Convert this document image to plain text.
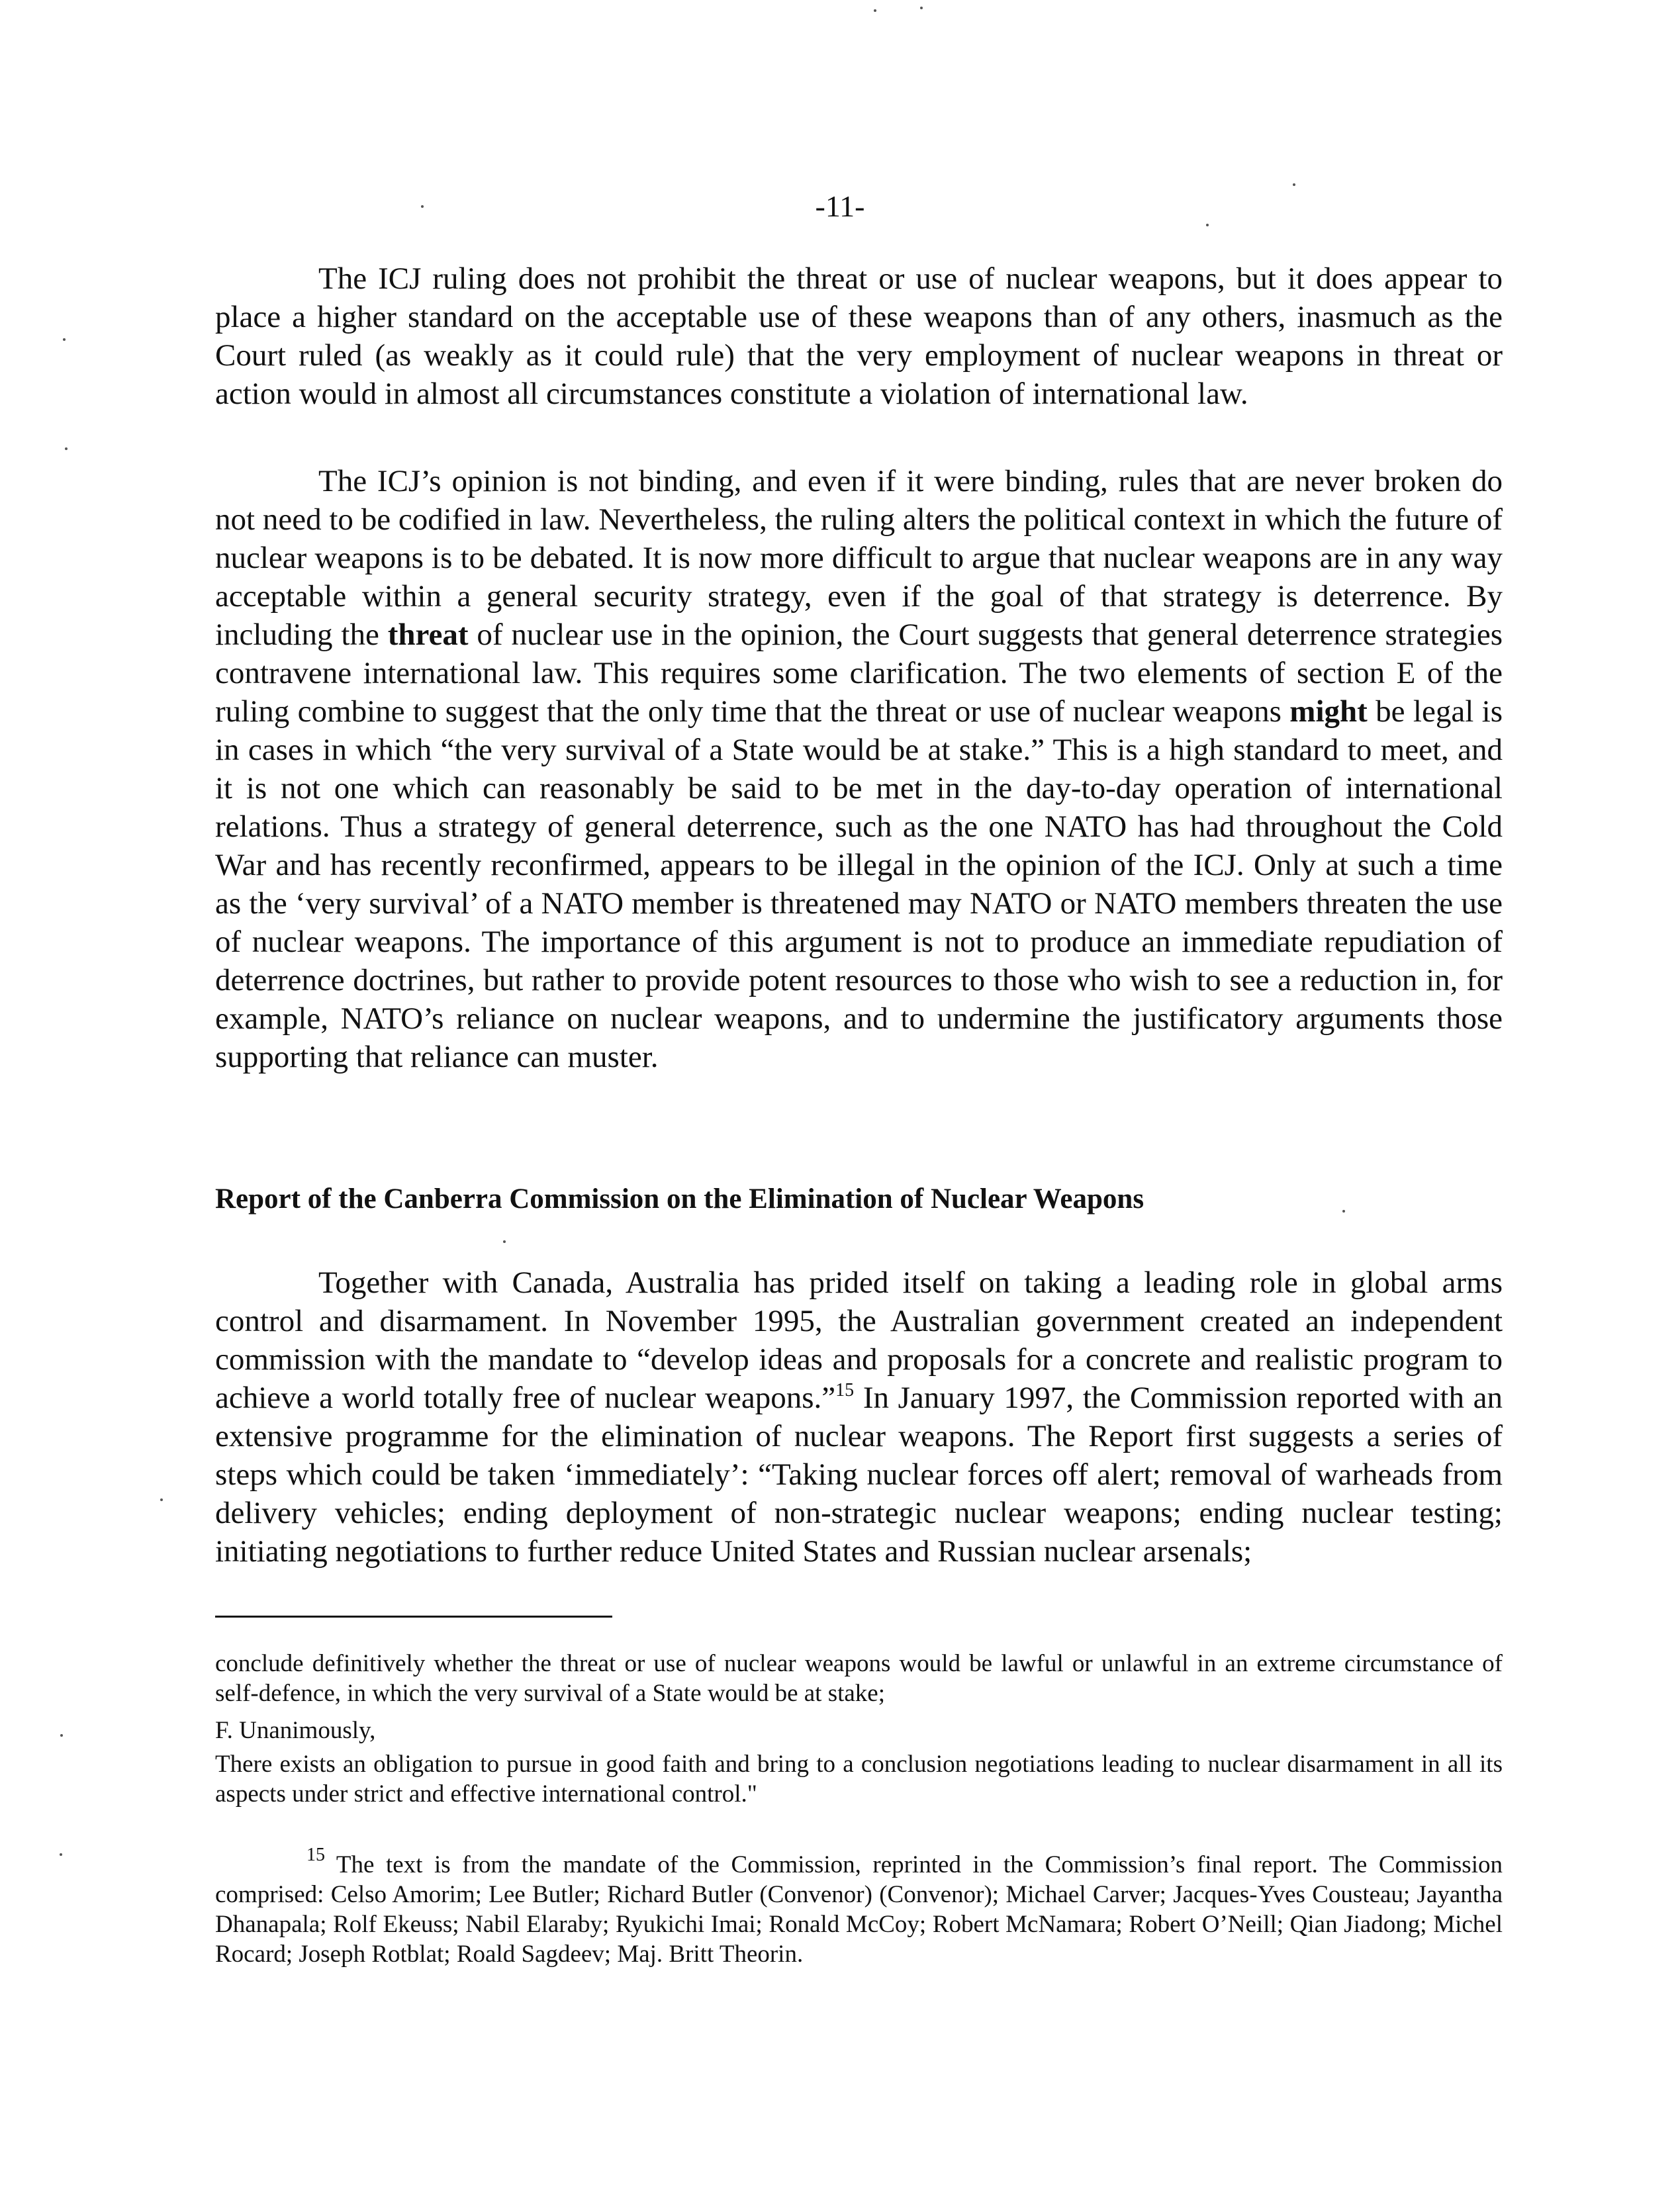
-11-

The ICJ ruling does not prohibit the threat or use of nuclear weapons, but it does appear to place a higher standard on the acceptable use of these weapons than of any others, inasmuch as the Court ruled (as weakly as it could rule) that the very employment of nuclear weapons in threat or action would in almost all circumstances constitute a violation of international law.

The ICJ’s opinion is not binding, and even if it were binding, rules that are never broken do not need to be codified in law. Nevertheless, the ruling alters the political context in which the future of nuclear weapons is to be debated. It is now more difficult to argue that nuclear weapons are in any way acceptable within a general security strategy, even if the goal of that strategy is deterrence. By including the threat of nuclear use in the opinion, the Court suggests that general deterrence strategies contravene international law. This requires some clarification. The two elements of section E of the ruling combine to suggest that the only time that the threat or use of nuclear weapons might be legal is in cases in which “the very survival of a State would be at stake.” This is a high standard to meet, and it is not one which can reasonably be said to be met in the day-to-day operation of international relations. Thus a strategy of general deterrence, such as the one NATO has had throughout the Cold War and has recently reconfirmed, appears to be illegal in the opinion of the ICJ. Only at such a time as the ‘very survival’ of a NATO member is threatened may NATO or NATO members threaten the use of nuclear weapons. The importance of this argument is not to produce an immediate repudiation of deterrence doctrines, but rather to provide potent resources to those who wish to see a reduction in, for example, NATO’s reliance on nuclear weapons, and to undermine the justificatory arguments those supporting that reliance can muster.

Report of the Canberra Commission on the Elimination of Nuclear Weapons

Together with Canada, Australia has prided itself on taking a leading role in global arms control and disarmament. In November 1995, the Australian government created an independent commission with the mandate to “develop ideas and proposals for a concrete and realistic program to achieve a world totally free of nuclear weapons.”$^{15}$ In January 1997, the Commission reported with an extensive programme for the elimination of nuclear weapons. The Report first suggests a series of steps which could be taken ‘immediately’: “Taking nuclear forces off alert; removal of warheads from delivery vehicles; ending deployment of non-strategic nuclear weapons; ending nuclear testing; initiating negotiations to further reduce United States and Russian nuclear arsenals;

conclude definitively whether the threat or use of nuclear weapons would be lawful or unlawful in an extreme circumstance of self-defence, in which the very survival of a State would be at stake;

F. Unanimously,

There exists an obligation to pursue in good faith and bring to a conclusion negotiations leading to nuclear disarmament in all its aspects under strict and effective international control."

$^{15}$ The text is from the mandate of the Commission, reprinted in the Commission’s final report. The Commission comprised: Celso Amorim; Lee Butler; Richard Butler (Convenor) (Convenor); Michael Carver; Jacques-Yves Cousteau; Jayantha Dhanapala; Rolf Ekeuss; Nabil Elaraby; Ryukichi Imai; Ronald McCoy; Robert McNamara; Robert O’Neill; Qian Jiadong; Michel Rocard; Joseph Rotblat; Roald Sagdeev; Maj. Britt Theorin.
